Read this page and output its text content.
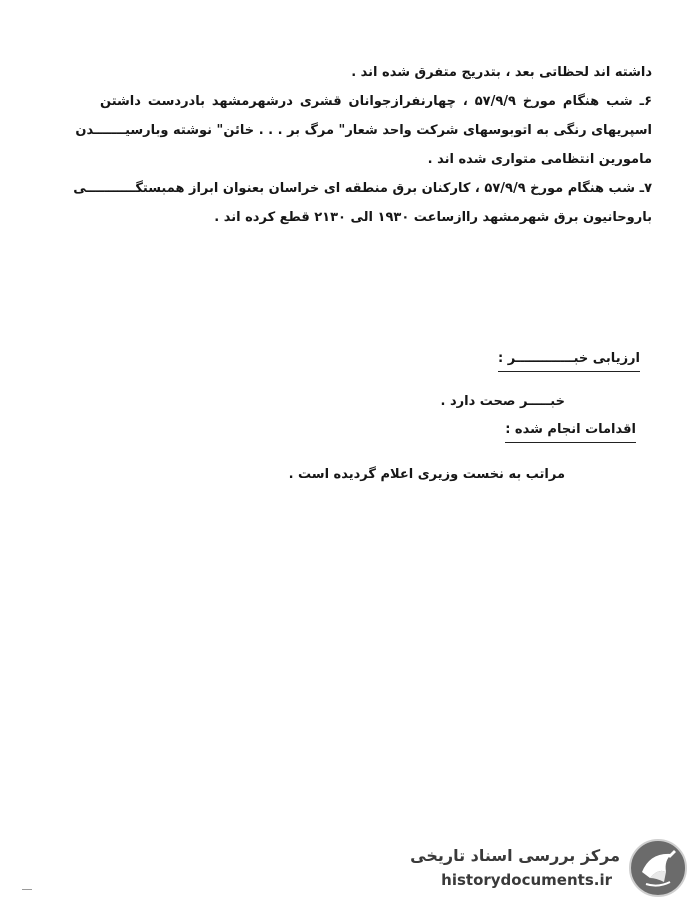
داشته اند لحظاتی بعد ، بتدریج متفرق شده اند .
۶ـ شب هنگام مورخ ۵۷/۹/۹ ، چهارنفرازجوانان قشری درشهرمشهد بادردست داشتن
اسپریهای رنگی به اتوبوسهای شرکت واحد شعار" مرگ بر . . . خائن" نوشته وبارسیـــــــدن
مامورین انتظامی متواری شده اند .
۷ـ شب هنگام مورخ ۵۷/۹/۹ ، کارکنان برق منطقه ای خراسان بعنوان ابراز همبستگـــــــــــی
باروحانیون برق شهرمشهد راازساعت ۱۹۳۰ الی ۲۱۳۰ قطع کرده اند .
ارزیابی خبـــــــــــــر :
خبـــــر صحت دارد .
اقدامات انجام شده :
مراتب به نخست وزیری اعلام گردیده است .
مرکز بررسی اسناد تاریخی
historydocuments.ir
